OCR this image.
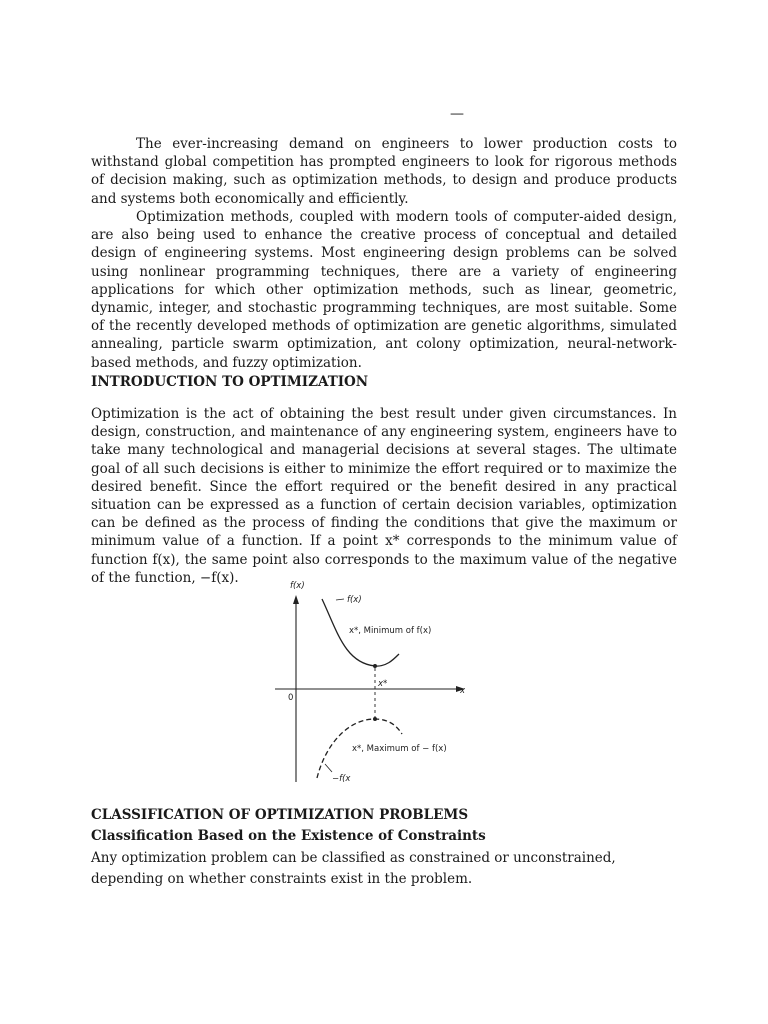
—

The ever-increasing demand on engineers to lower production costs to withstand global competition has prompted engineers to look for rigorous methods of decision making, such as optimization methods, to design and produce products and systems both economically and efficiently.

Optimization methods, coupled with modern tools of computer-aided design, are also being used to enhance the creative process of conceptual and detailed design of engineering systems. Most engineering design problems can be solved using nonlinear programming techniques, there are a variety of engineering applications for which other optimization methods, such as linear, geometric, dynamic, integer, and stochastic programming techniques, are most suitable. Some of the recently developed methods of optimization are genetic algorithms, simulated annealing, particle swarm optimization, ant colony optimization, neural-network-based methods, and fuzzy optimization.

INTRODUCTION TO OPTIMIZATION

Optimization is the act of obtaining the best result under given circumstances. In design, construction, and maintenance of any engineering system, engineers have to take many technological and managerial decisions at several stages. The ultimate goal of all such decisions is either to minimize the effort required or to maximize the desired benefit. Since the effort required or the benefit desired in any practical situation can be expressed as a function of certain decision variables, optimization can be defined as the process of finding the conditions that give the maximum or minimum value of a function. If a point x* corresponds to the minimum value of function f(x), the same point also corresponds to the maximum value of the negative of the function, −f(x).

f(x)
x
0
f(x)
x*, Minimum of f(x)
x*
x*, Maximum of − f(x)
−f(x
CLASSIFICATION OF OPTIMIZATION PROBLEMS
Classification Based on the Existence of Constraints

Any optimization problem can be classified as constrained or unconstrained, depending on whether constraints exist in the problem.
